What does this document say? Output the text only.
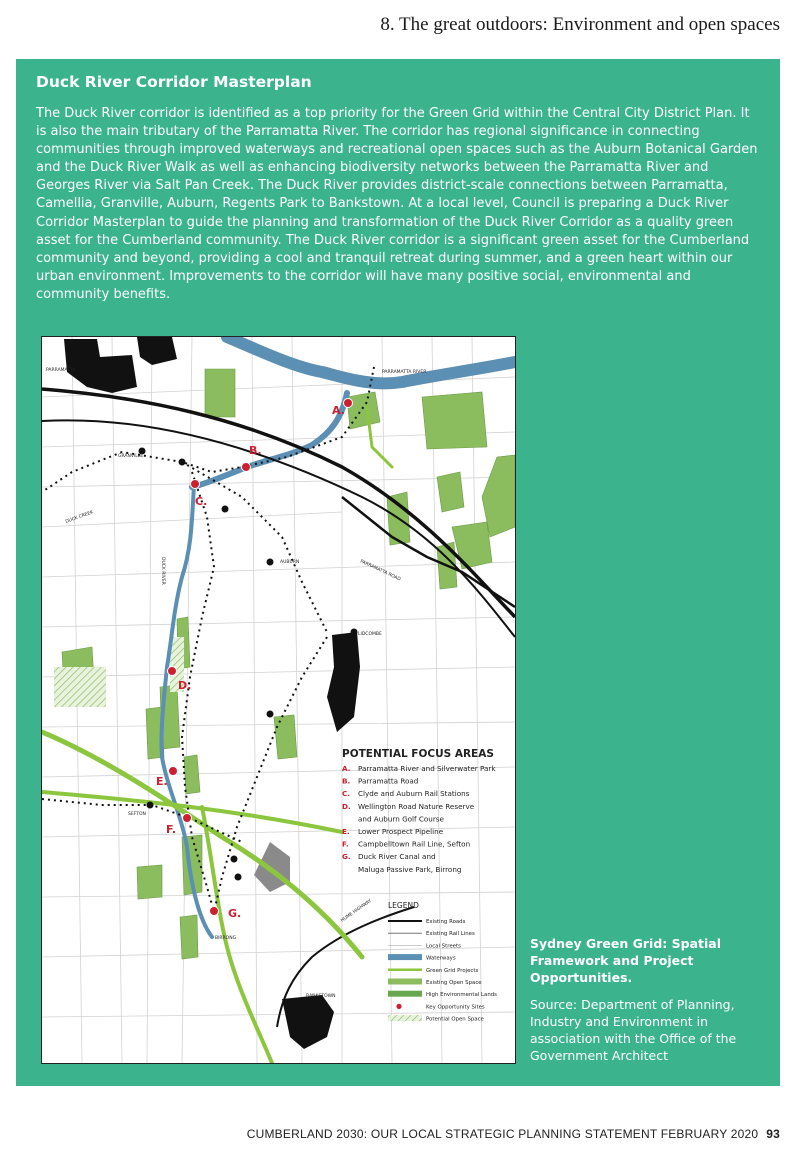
8. The great outdoors: Environment and open spaces
Duck River Corridor Masterplan

The Duck River corridor is identified as a top priority for the Green Grid within the Central City District Plan. It is also the main tributary of the Parramatta River. The corridor has regional significance in connecting communities through improved waterways and recreational open spaces such as the Auburn Botanical Garden and the Duck River Walk as well as enhancing biodiversity networks between the Parramatta River and Georges River via Salt Pan Creek. The Duck River provides district-scale connections between Parramatta, Camellia, Granville, Auburn, Regents Park to Bankstown. At a local level, Council is preparing a Duck River Corridor Masterplan to guide the planning and transformation of the Duck River Corridor as a quality green asset for the Cumberland community. The Duck River corridor is a significant green asset for the Cumberland community and beyond, providing a cool and tranquil retreat during summer, and a green heart within our urban environment. Improvements to the corridor will have many positive social, environmental and community benefits.

A.
B.
C.
D.
E.
F.
G.
PARRAMATTA	PARRAMATTA RIVER
GRANVILLE
DUCK CREEK
DUCK RIVER	AUBURN	PARRAMATTA ROAD
LIDCOMBE
SEFTON
BIRRONG
HUME HIGHWAY
BANKSTOWN
POTENTIAL FOCUS AREAS
A. Parramatta River and Silverwater Park
B. Parramatta Road
C. Clyde and Auburn Rail Stations
D. Wellington Road Nature Reserve
and Auburn Golf Course
E. Lower Prospect Pipeline
F. Campbelltown Rail Line, Sefton
G. Duck River Canal and
Maluga Passive Park, Birrong
LEGEND
Existing Roads
Existing Rail Lines
Local Streets
Waterways
Green Grid Projects
Existing Open Space
High Environmental Lands
Key Opportunity Sites
Potential Open Space
Sydney Green Grid: Spatial Framework and Project Opportunities.
Source: Department of Planning, Industry and Environment in association with the Office of the Government Architect
CUMBERLAND 2030: OUR LOCAL STRATEGIC PLANNING STATEMENT FEBRUARY 2020 93
